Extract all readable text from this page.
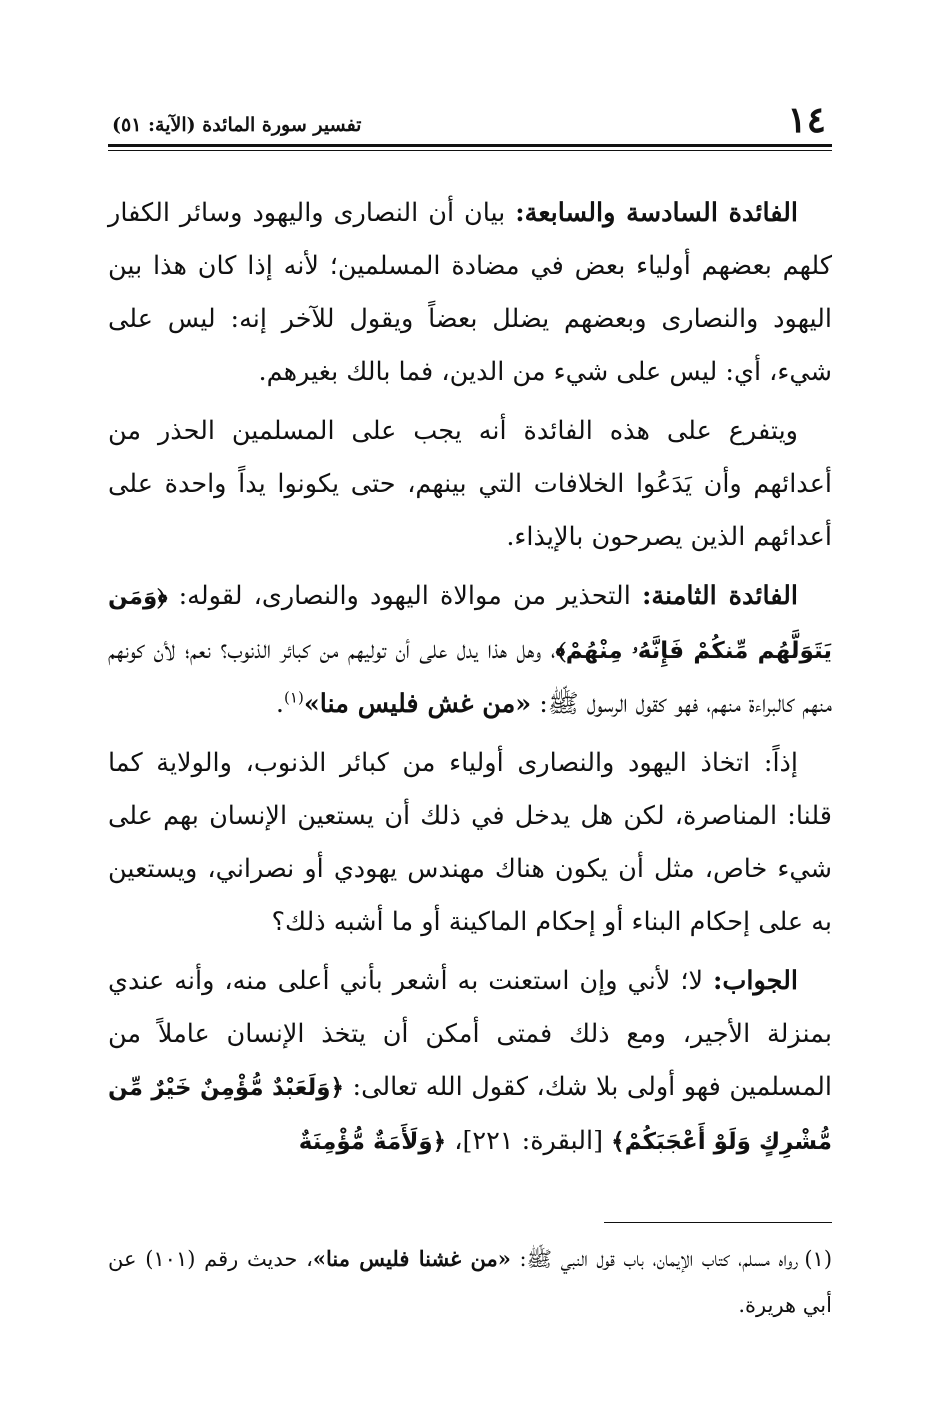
١٤
تفسير سورة المائدة (الآية: ٥١)

الفائدة السادسة والسابعة: بيان أن النصارى واليهود وسائر الكفار كلهم بعضهم أولياء بعض في مضادة المسلمين؛ لأنه إذا كان هذا بين اليهود والنصارى وبعضهم يضلل بعضاً ويقول للآخر إنه: ليس على شيء، أي: ليس على شيء من الدين، فما بالك بغيرهم.

ويتفرع على هذه الفائدة أنه يجب على المسلمين الحذر من أعدائهم وأن يَدَعُوا الخلافات التي بينهم، حتى يكونوا يداً واحدة على أعدائهم الذين يصرحون بالإيذاء.

الفائدة الثامنة: التحذير من موالاة اليهود والنصارى، لقوله: ﴿وَمَن يَتَوَلَّهُم مِّنكُمْ فَإِنَّهُۥ مِنْهُمْ﴾، وهل هذا يدل على أن توليهم من كبائر الذنوب؟ نعم؛ لأن كونهم منهم كالبراءة منهم، فهو كقول الرسول ﷺ: «من غش فليس منا»$^{(١)}$.

إذاً: اتخاذ اليهود والنصارى أولياء من كبائر الذنوب، والولاية كما قلنا: المناصرة، لكن هل يدخل في ذلك أن يستعين الإنسان بهم على شيء خاص، مثل أن يكون هناك مهندس يهودي أو نصراني، ويستعين به على إحكام البناء أو إحكام الماكينة أو ما أشبه ذلك؟

الجواب: لا؛ لأني وإن استعنت به أشعر بأني أعلى منه، وأنه عندي بمنزلة الأجير، ومع ذلك فمتى أمكن أن يتخذ الإنسان عاملاً من المسلمين فهو أولى بلا شك، كقول الله تعالى: ﴿وَلَعَبْدٌ مُّؤْمِنٌ خَيْرٌ مِّن مُّشْرِكٍ وَلَوْ أَعْجَبَكُمْ﴾ [البقرة: ٢٢١]، ﴿وَلَأَمَةٌ مُّؤْمِنَةٌ

(١)رواه مسلم، كتاب الإيمان، باب قول النبي ﷺ: «من غشنا فليس منا»، حديث رقم (١٠١) عن أبي هريرة.
